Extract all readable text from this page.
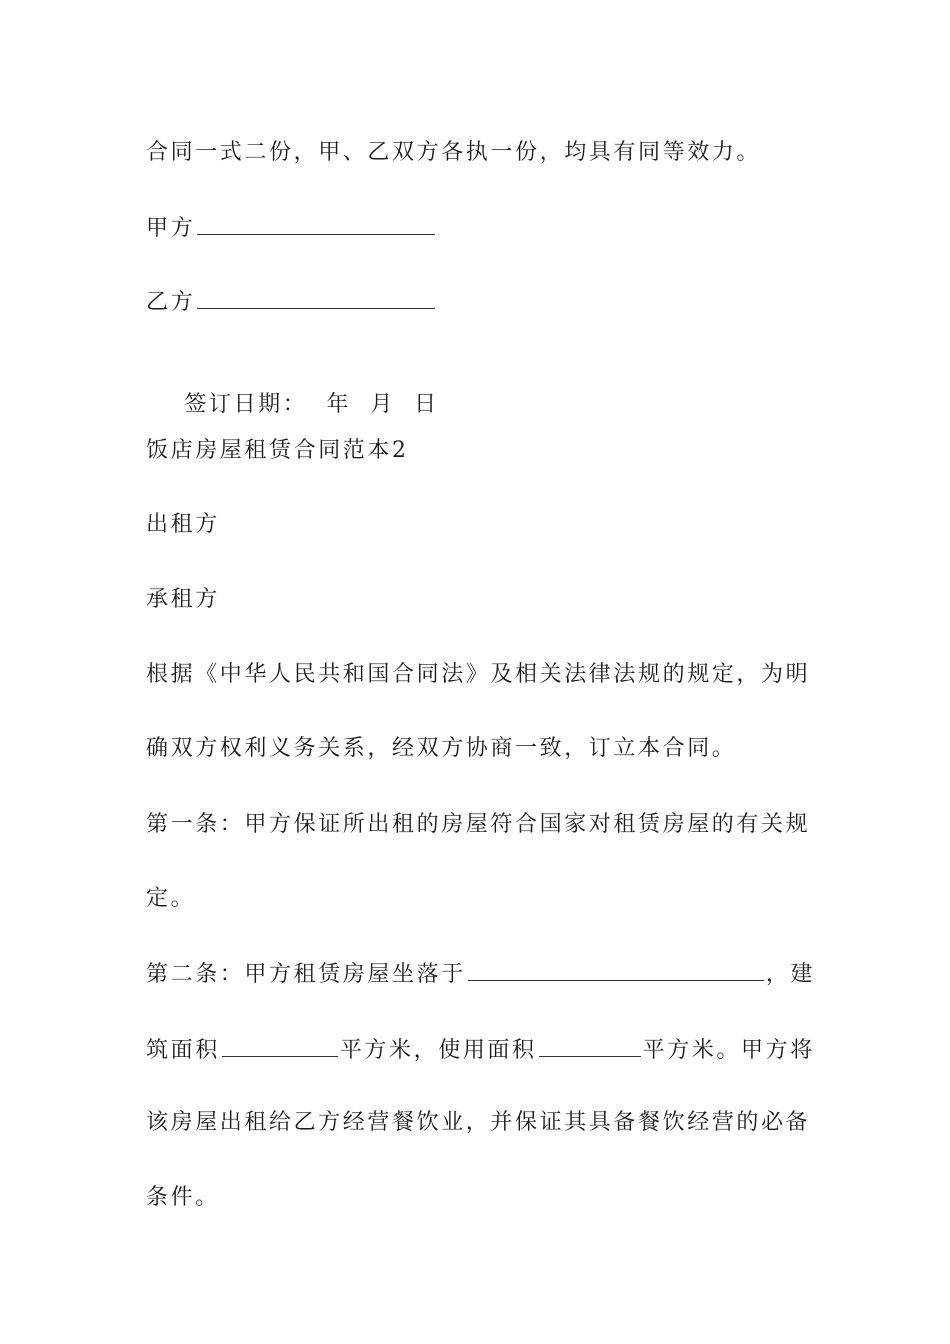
合同一式二份，甲、乙双方各执一份，均具有同等效力。
甲方
乙方

签订日期：  年  月  日

饭店房屋租赁合同范本2
出租方
承租方
根据《中华人民共和国合同法》及相关法律法规的规定，为明
确双方权利义务关系，经双方协商一致，订立本合同。
第一条：甲方保证所出租的房屋符合国家对租赁房屋的有关规
定。
第二条：甲方租赁房屋坐落于	，建
筑面积	平方米，使用面积	平方米。甲方将
该房屋出租给乙方经营餐饮业，并保证其具备餐饮经营的必备
条件。
